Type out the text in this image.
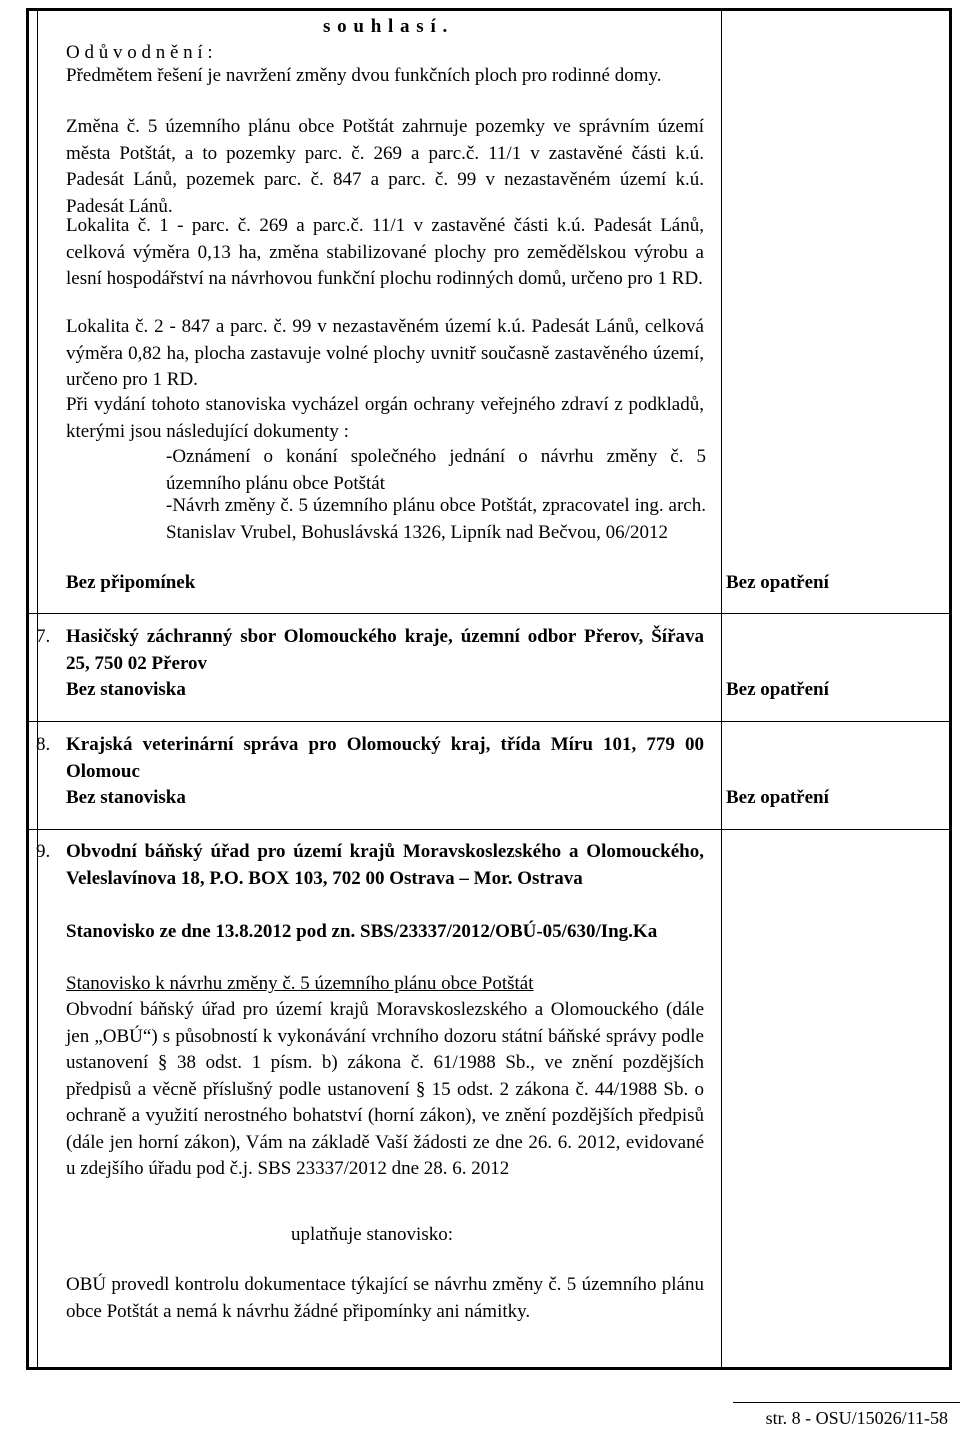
s o u h l a s í .
O d ů v o d n ě n í :
Předmětem řešení je navržení změny dvou funkčních ploch pro rodinné domy.
Změna č. 5 územního plánu obce Potštát zahrnuje pozemky ve správním území města Potštát, a to pozemky parc. č. 269 a parc.č. 11/1 v zastavěné části k.ú. Padesát Lánů, pozemek parc. č. 847 a parc. č. 99 v nezastavěném území k.ú. Padesát Lánů.
Lokalita č. 1 - parc. č. 269 a parc.č. 11/1 v zastavěné části k.ú. Padesát Lánů, celková výměra 0,13 ha, změna stabilizované plochy pro zemědělskou výrobu a lesní hospodářství na návrhovou funkční plochu rodinných domů, určeno pro 1 RD.
Lokalita č. 2 - 847 a parc. č. 99 v nezastavěném území k.ú. Padesát Lánů, celková výměra 0,82 ha, plocha zastavuje volné plochy uvnitř současně zastavěného území, určeno pro 1 RD.
Při vydání tohoto stanoviska vycházel orgán ochrany veřejného zdraví z podkladů, kterými jsou následující dokumenty :
-Oznámení o konání společného jednání o návrhu změny č. 5 územního plánu obce Potštát
-Návrh změny č. 5 územního plánu obce Potštát, zpracovatel ing. arch. Stanislav Vrubel, Bohuslávská 1326, Lipník nad Bečvou, 06/2012
Bez připomínek	Bez opatření
7. Hasičský záchranný sbor Olomouckého kraje, územní odbor Přerov, Šířava 25, 750 02 Přerov
Bez stanoviska	Bez opatření
8. Krajská veterinární správa pro Olomoucký kraj, třída Míru 101, 779 00 Olomouc
Bez stanoviska	Bez opatření
9. Obvodní báňský úřad pro území krajů Moravskoslezského a Olomouckého, Veleslavínova 18, P.O. BOX 103, 702 00 Ostrava – Mor. Ostrava
Stanovisko ze dne 13.8.2012 pod zn. SBS/23337/2012/OBÚ-05/630/Ing.Ka
Stanovisko k návrhu změny č. 5 územního plánu obce Potštát
Obvodní báňský úřad pro území krajů Moravskoslezského a Olomouckého (dále jen „OBÚ“) s působností k vykonávání vrchního dozoru státní báňské správy podle ustanovení § 38 odst. 1 písm. b) zákona č. 61/1988 Sb., ve znění pozdějších předpisů a věcně příslušný podle ustanovení § 15 odst. 2 zákona č. 44/1988 Sb. o ochraně a využití nerostného bohatství (horní zákon), ve znění pozdějších předpisů (dále jen horní zákon), Vám na základě Vaší žádosti ze dne 26. 6. 2012, evidované u zdejšího úřadu pod č.j. SBS 23337/2012 dne 28. 6. 2012
uplatňuje stanovisko:
OBÚ provedl kontrolu dokumentace týkající se návrhu změny č. 5 územního plánu obce Potštát a nemá k návrhu žádné připomínky ani námitky.
str. 8 - OSU/15026/11-58
